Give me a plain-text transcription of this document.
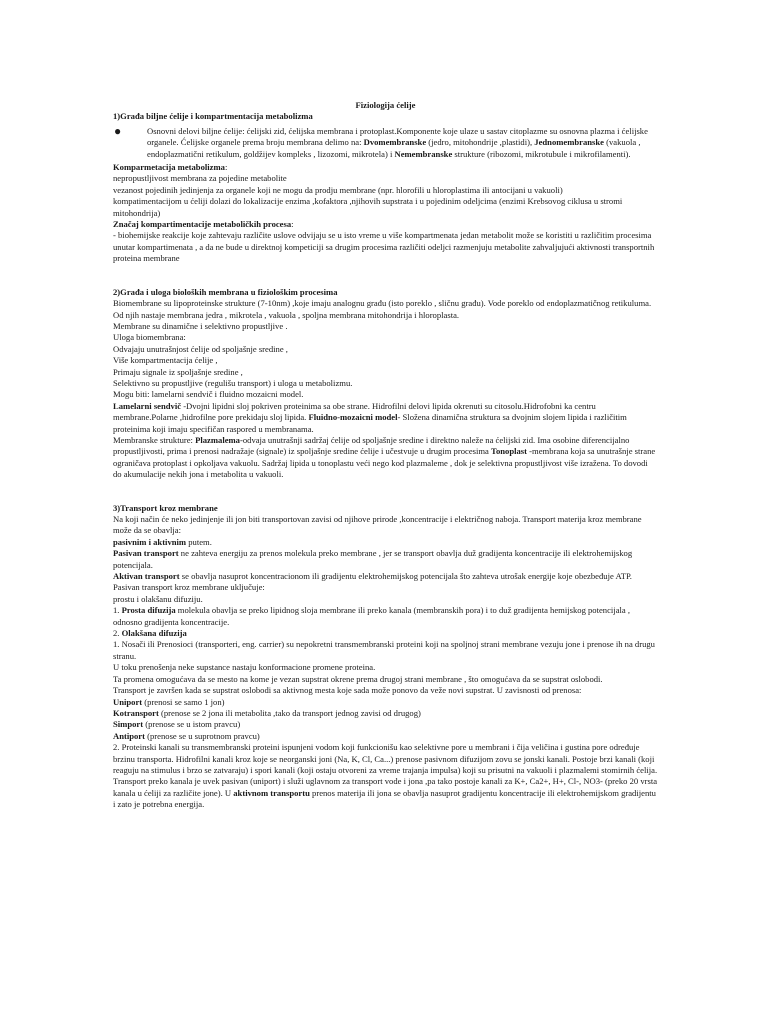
Fiziologija ćelije

1)Građa biljne ćelije i kompartmentacija metabolizma

●	Osnovni delovi biljne ćelije: ćelijski zid, ćelijska membrana i protoplast.Komponente koje ulaze u sastav citoplazme su osnovna plazma i ćelijske organele. Ćelijske organele prema broju membrana delimo na: Dvomembranske (jedro, mitohondrije ,plastidi), Jednomembranske (vakuola , endoplazmatični retikulum, goldžijev kompleks , lizozomi, mikrotela) i Nemembranske strukture (ribozomi, mikrotubule i mikrofilamenti).

Komparmetacija metabolizma:

nepropustljivost membrana za pojedine metabolite

vezanost pojedinih jedinjenja za organele koji ne mogu da prodju membrane (npr. hlorofili u hloroplastima ili antocijani u vakuoli)

kompatimentacijom u ćeliji dolazi do lokalizacije enzima ,kofaktora ,njihovih supstrata i u pojedinim odeljcima (enzimi Krebsovog ciklusa u stromi mitohondrija)

Značaj kompartimentacije metaboličkih procesa:

- biohemijske reakcije koje zahtevaju različite uslove odvijaju se u isto vreme u više kompartmenata jedan metabolit može se koristiti u različitim procesima unutar kompartimenata , a da ne bude u direktnoj kompeticiji sa drugim procesima različiti odeljci razmenjuju metabolite zahvaljujući aktivnosti transportnih proteina membrane

2)Građa i uloga bioloških membrana u fiziološkim procesima

Biomembrane su lipoproteinske strukture (7-10nm) ,koje imaju analognu građu (isto poreklo , sličnu građu). Vode poreklo od endoplazmatičnog retikuluma. Od njih nastaje membrana jedra , mikrotela , vakuola , spoljna membrana mitohondrija i hloroplasta.

Membrane su dinamične i selektivno propustljive .

Uloga biomembrana:

Odvajaju unutrašnjost ćelije od spoljašnje sredine ,

Više kompartmentacija ćelije ,

Primaju signale iz spoljašnje sredine ,

Selektivno su propustljive (regulišu transport) i uloga u metabolizmu.

Mogu biti: lamelarni sendvič i fluidno mozaicni model.

Lamelarni sendvič -Dvojni lipidni sloj pokriven proteinima sa obe strane. Hidrofilni delovi lipida okrenuti su citosolu.Hidrofobni ka centru membrane.Polarne ,hidrofilne pore prekidaju sloj lipida. Fluidno-mozaicni model- Složena dinamična struktura sa dvojnim slojem lipida i različitim proteinima koji imaju specifičan raspored u membranama.

Membranske strukture: Plazmalema-odvaja unutrašnji sadržaj ćelije od spoljašnje sredine i direktno naleže na ćelijski zid. Ima osobine diferencijalno propustljivosti, prima i prenosi nadražaje (signale) iz spoljašnje sredine ćelije i učestvuje u drugim procesima Tonoplast -membrana koja sa unutrašnje strane ograničava protoplast i opkoljava vakuolu. Sadržaj lipida u tonoplastu veći nego kod plazmaleme , dok je selektivna propustljivost više izražena. To dovodi do akumulacije nekih jona i metabolita u vakuoli.

3)Transport kroz membrane

Na koji način će neko jedinjenje ili jon biti transportovan zavisi od njihove prirode ,koncentracije i električnog naboja. Transport materija kroz membrane može da se obavlja:

pasivnim i aktivnim putem.

Pasivan transport ne zahteva energiju za prenos molekula preko membrane , jer se transport obavlja duž gradijenta koncentracije ili elektrohemijskog potencijala.

Aktivan transport se obavlja nasuprot koncentracionom ili gradijentu elektrohemijskog potencijala što zahteva utrošak energije koje obezbeđuje ATP.

Pasivan transport kroz membrane uključuje:

prostu i olakšanu difuziju.

1. Prosta difuzija molekula obavlja se preko lipidnog sloja membrane ili preko kanala (membranskih pora) i to duž gradijenta hemijskog potencijala , odnosno gradijenta koncentracije.

2. Olakšana difuzija

1. Nosači ili Prenosioci (transporteri, eng. carrier) su nepokretni transmembranski proteini koji na spoljnoj strani membrane vezuju jone i prenose ih na drugu stranu.

U toku prenošenja neke supstance nastaju konformacione promene proteina.

Ta promena omogućava da se mesto na kome je vezan supstrat okrene prema drugoj strani membrane , što omogućava da se supstrat oslobodi.

Transport je završen kada se supstrat oslobodi sa aktivnog mesta koje sada može ponovo da veže novi supstrat. U zavisnosti od prenosa:

Uniport (prenosi se samo 1 jon)

Kotransport (prenose se 2 jona ili metabolita ,tako da transport jednog zavisi od drugog)

Simport (prenose se u istom pravcu)

Antiport (prenose se u suprotnom pravcu)

2. Proteinski kanali su transmembranski proteini ispunjeni vodom koji funkcionišu kao selektivne pore u membrani i čija veličina i gustina pore određuje brzinu transporta. Hidrofilni kanali kroz koje se neorganski joni (Na, K, Cl, Ca...) prenose pasivnom difuzijom zovu se jonski kanali. Postoje brzi kanali (koji reaguju na stimulus i brzo se zatvaraju) i spori kanali (koji ostaju otvoreni za vreme trajanja impulsa) koji su prisutni na vakuoli i plazmalemi stomirnih ćelija.

Transport preko kanala je uvek pasivan (uniport) i služi uglavnom za transport vode i jona ,pa tako postoje kanali za K+, Ca2+, H+, Cl-, NO3- (preko 20 vrsta kanala u ćeliji za različite jone). U aktivnom transportu prenos materija ili jona se obavlja nasuprot gradijentu koncentracije ili elektrohemijskom gradijentu i zato je potrebna energija.
